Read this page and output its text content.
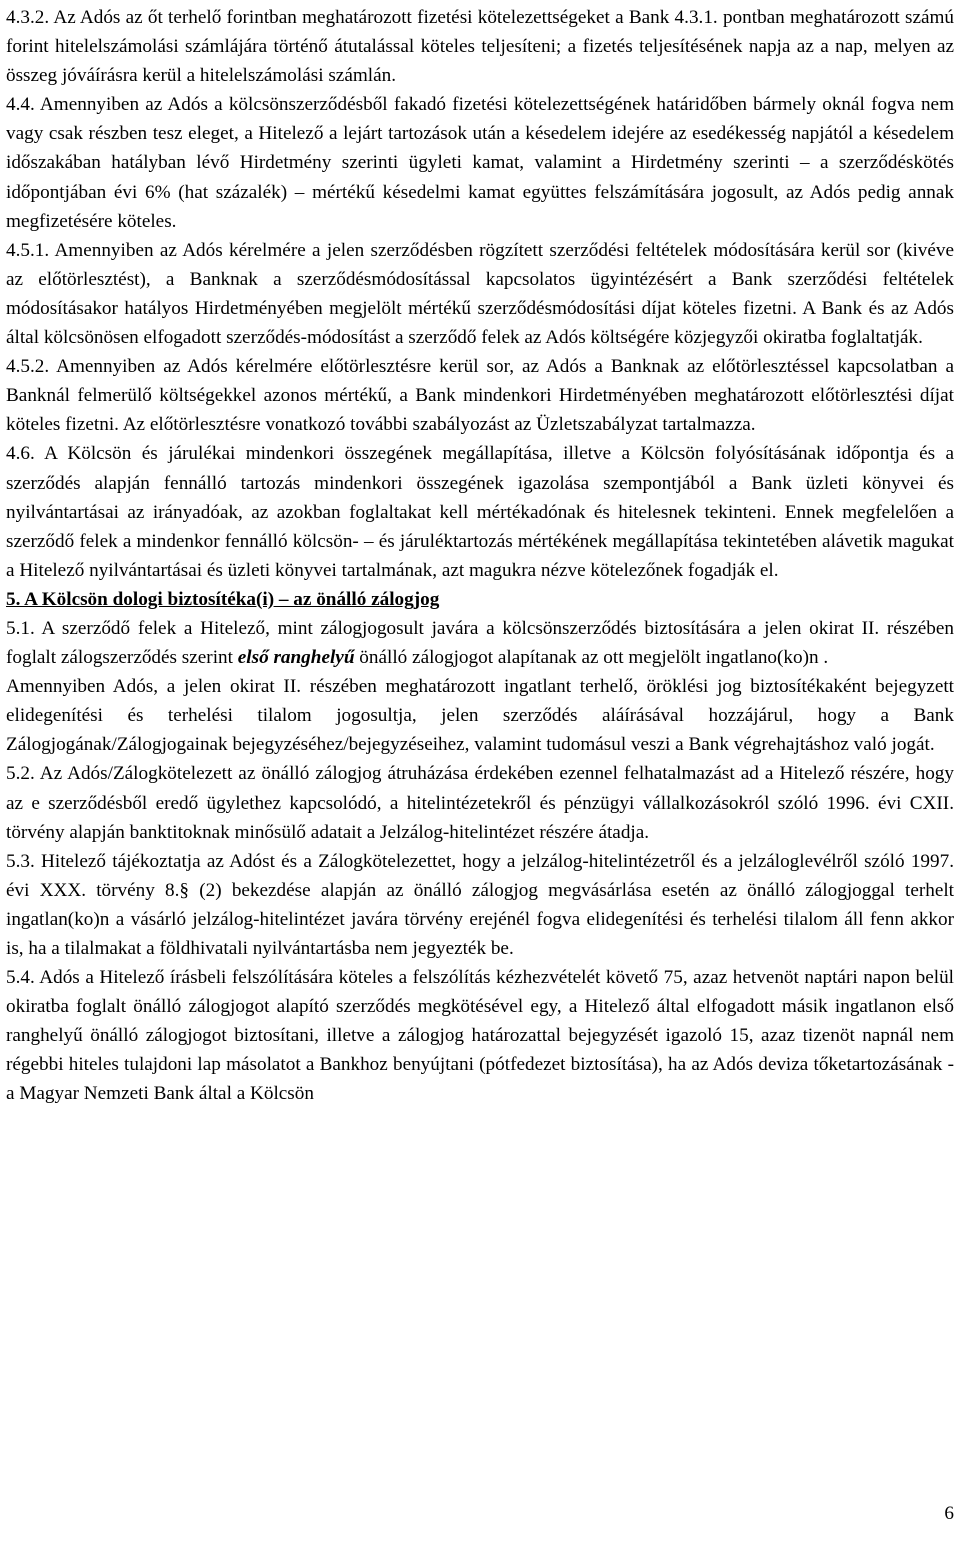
4.3.2. Az Adós az őt terhelő forintban meghatározott fizetési kötelezettségeket a Bank 4.3.1. pontban meghatározott számú forint hitelelszámolási számlájára történő átutalással köteles teljesíteni; a fizetés teljesítésének napja az a nap, melyen az összeg jóváírásra kerül a hitelelszámolási számlán.

4.4. Amennyiben az Adós a kölcsönszerződésből fakadó fizetési kötelezettségének határidőben bármely oknál fogva nem vagy csak részben tesz eleget, a Hitelező a lejárt tartozások után a késedelem idejére az esedékesség napjától a késedelem időszakában hatályban lévő Hirdetmény szerinti ügyleti kamat, valamint a Hirdetmény szerinti – a szerződéskötés időpontjában évi 6% (hat százalék) – mértékű késedelmi kamat együttes felszámítására jogosult, az Adós pedig annak megfizetésére köteles.

4.5.1. Amennyiben az Adós kérelmére a jelen szerződésben rögzített szerződési feltételek módosítására kerül sor (kivéve az előtörlesztést), a Banknak a szerződésmódosítással kapcsolatos ügyintézésért a Bank szerződési feltételek módosításakor hatályos Hirdetményében megjelölt mértékű szerződésmódosítási díjat köteles fizetni. A Bank és az Adós által kölcsönösen elfogadott szerződés-módosítást a szerződő felek az Adós költségére közjegyzői okiratba foglaltatják.

4.5.2. Amennyiben az Adós kérelmére előtörlesztésre kerül sor, az Adós a Banknak az előtörlesztéssel kapcsolatban a Banknál felmerülő költségekkel azonos mértékű, a Bank mindenkori Hirdetményében meghatározott előtörlesztési díjat köteles fizetni. Az előtörlesztésre vonatkozó további szabályozást az Üzletszabályzat tartalmazza.

4.6. A Kölcsön és járulékai mindenkori összegének megállapítása, illetve a Kölcsön folyósításának időpontja és a szerződés alapján fennálló tartozás mindenkori összegének igazolása szempontjából a Bank üzleti könyvei és nyilvántartásai az irányadóak, az azokban foglaltakat kell mértékadónak és hitelesnek tekinteni. Ennek megfelelően a szerződő felek a mindenkor fennálló kölcsön- – és járuléktartozás mértékének megállapítása tekintetében alávetik magukat a Hitelező nyilvántartásai és üzleti könyvei tartalmának, azt magukra nézve kötelezőnek fogadják el.

5. A Kölcsön dologi biztosítéka(i) – az önálló zálogjog

5.1. A szerződő felek a Hitelező, mint zálogjogosult javára a kölcsönszerződés biztosítására a jelen okirat II. részében foglalt zálogszerződés szerint első ranghelyű önálló zálogjogot alapítanak az ott megjelölt ingatlano(ko)n .

Amennyiben Adós, a jelen okirat II. részében meghatározott ingatlant terhelő, öröklési jog biztosítékaként bejegyzett elidegenítési és terhelési tilalom jogosultja, jelen szerződés aláírásával hozzájárul, hogy a Bank Zálogjogának/Zálogjogainak bejegyzéséhez/bejegyzéseihez, valamint tudomásul veszi a Bank végrehajtáshoz való jogát.

5.2. Az Adós/Zálogkötelezett az önálló zálogjog átruházása érdekében ezennel felhatalmazást ad a Hitelező részére, hogy az e szerződésből eredő ügylethez kapcsolódó, a hitelintézetekről és pénzügyi vállalkozásokról szóló 1996. évi CXII. törvény alapján banktitoknak minősülő adatait a Jelzálog-hitelintézet részére átadja.

5.3. Hitelező tájékoztatja az Adóst és a Zálogkötelezettet, hogy a jelzálog-hitelintézetről és a jelzáloglevélről szóló 1997. évi XXX. törvény 8.§ (2) bekezdése alapján az önálló zálogjog megvásárlása esetén az önálló zálogjoggal terhelt ingatlan(ko)n a vásárló jelzálog-hitelintézet javára törvény erejénél fogva elidegenítési és terhelési tilalom áll fenn akkor is, ha a tilalmakat a földhivatali nyilvántartásba nem jegyezték be.

5.4. Adós a Hitelező írásbeli felszólítására köteles a felszólítás kézhezvételét követő 75, azaz hetvenöt naptári napon belül okiratba foglalt önálló zálogjogot alapító szerződés megkötésével egy, a Hitelező által elfogadott másik ingatlanon első ranghelyű önálló zálogjogot biztosítani, illetve a zálogjog határozattal bejegyzését igazoló 15, azaz tizenöt napnál nem régebbi hiteles tulajdoni lap másolatot a Bankhoz benyújtani (pótfedezet biztosítása), ha az Adós deviza tőketartozásának - a Magyar Nemzeti Bank által a Kölcsön

6
